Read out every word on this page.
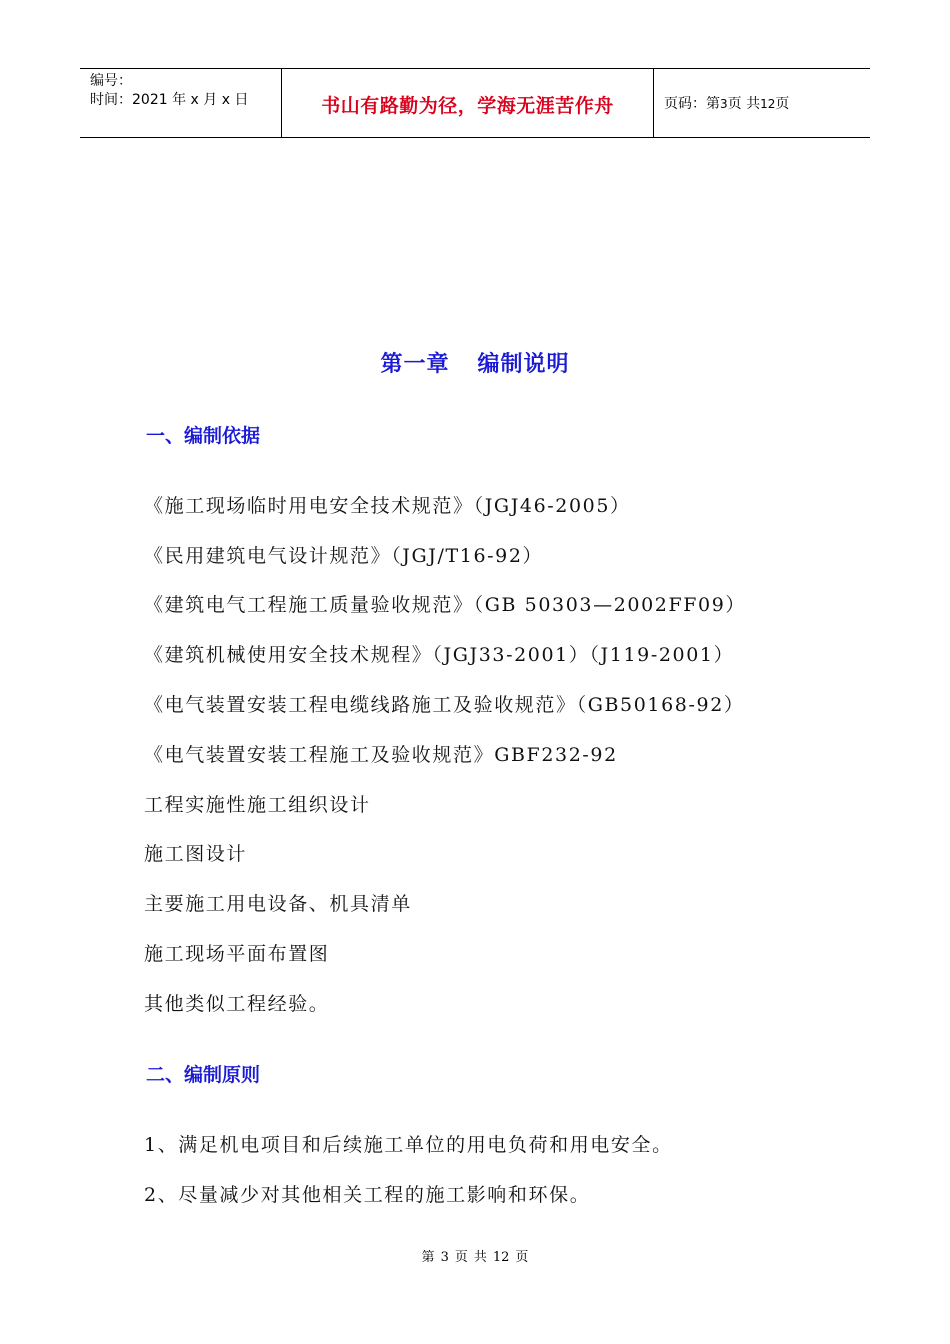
编号：
时间：2021 年 x 月 x 日	书山有路勤为径，学海无涯苦作舟	页码：第3页 共12页
第一章 编制说明
一、编制依据
《施工现场临时用电安全技术规范》（JGJ46-2005）
《民用建筑电气设计规范》（JGJ/T16-92）
《建筑电气工程施工质量验收规范》（GB 50303—2002FF09）
《建筑机械使用安全技术规程》（JGJ33-2001）（J119-2001）
《电气装置安装工程电缆线路施工及验收规范》（GB50168-92）
《电气装置安装工程施工及验收规范》GBF232-92
工程实施性施工组织设计
施工图设计
主要施工用电设备、机具清单
施工现场平面布置图
其他类似工程经验。
二、编制原则
1、满足机电项目和后续施工单位的用电负荷和用电安全。
2、尽量减少对其他相关工程的施工影响和环保。
第 3 页 共 12 页
